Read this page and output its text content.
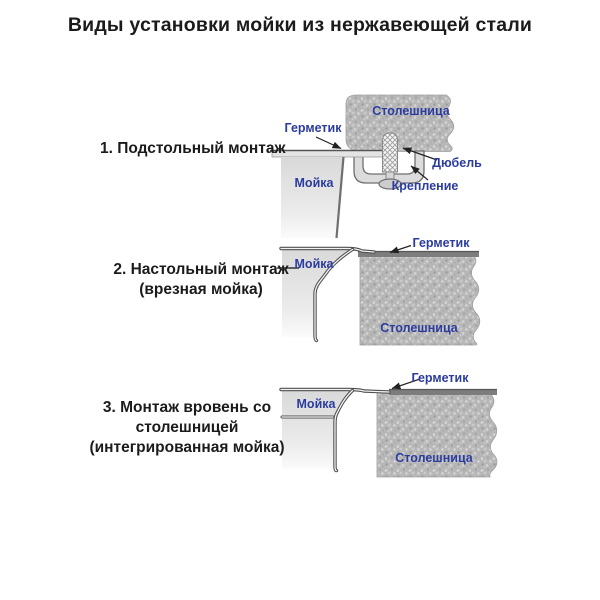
Виды установки мойки из нержавеющей стали
1. Подстольный монтаж
Герметик
Столешница
Мойка
Дюбель
Крепление
2. Настольный монтаж
(врезная мойка)
Мойка
Герметик
Столешница
3. Монтаж вровень со столешницей
(интегрированная мойка)
Мойка
Герметик
Столешница
